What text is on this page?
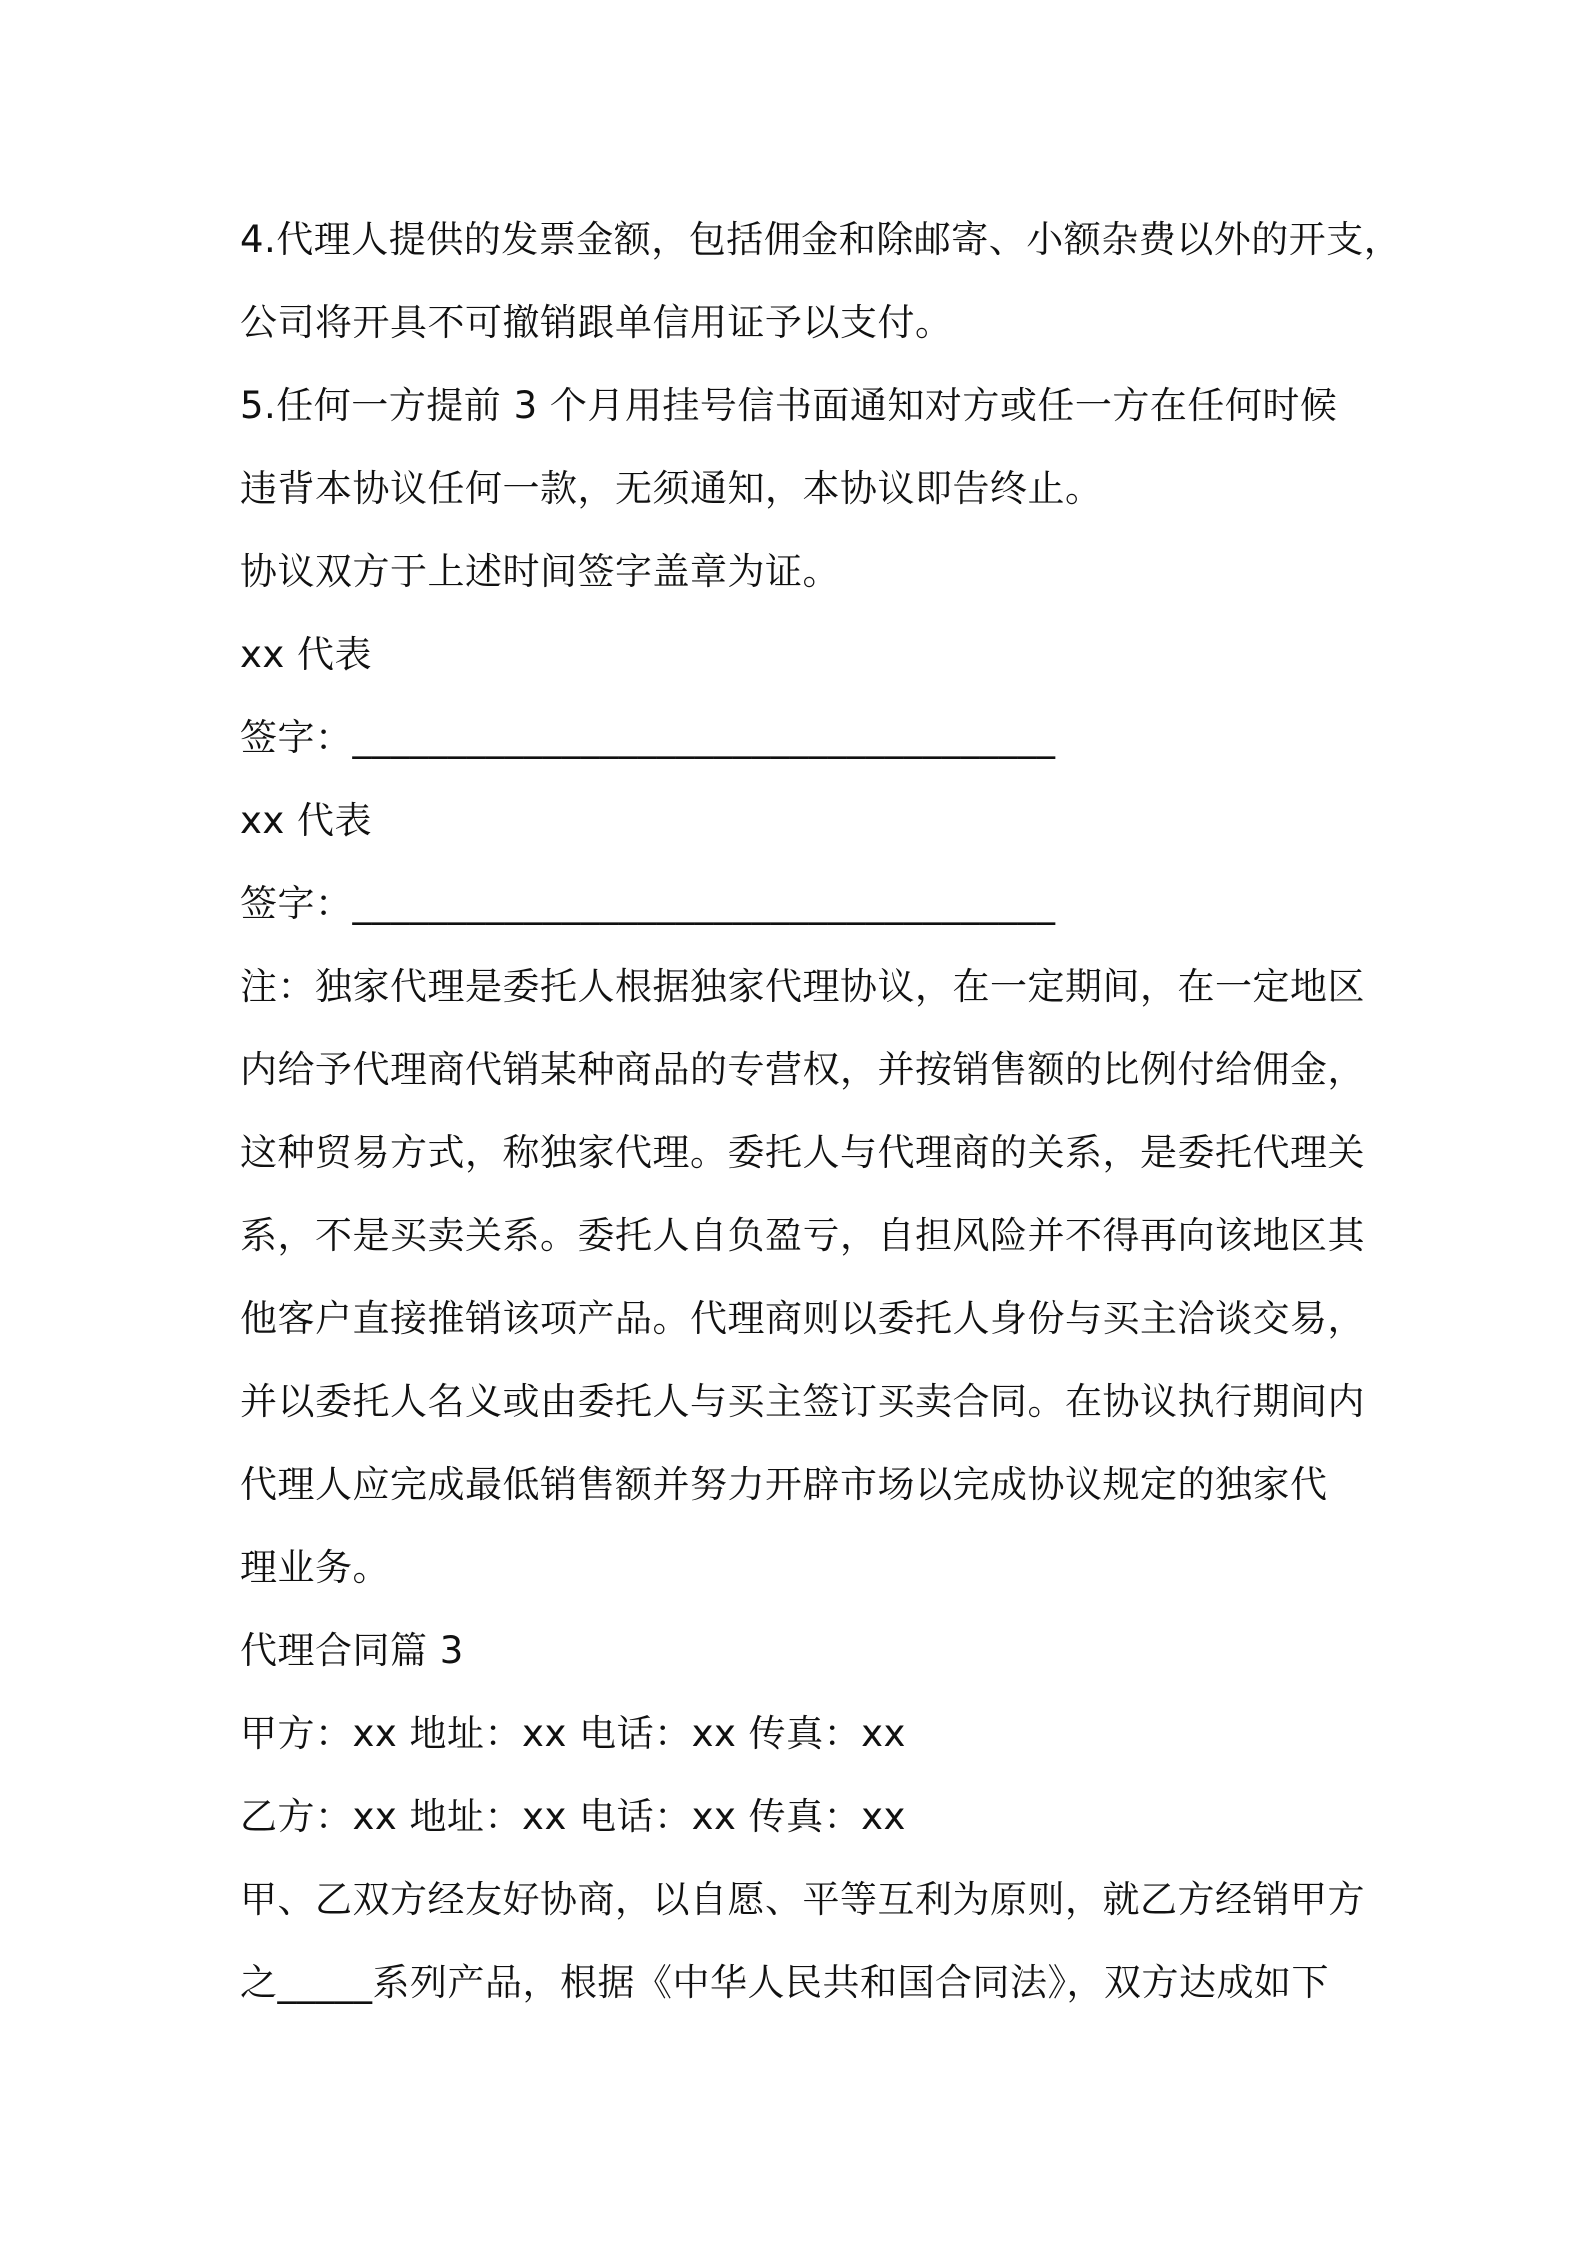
4.代理人提供的发票金额，包括佣金和除邮寄、小额杂费以外的开支，
公司将开具不可撤销跟单信用证予以支付。
5.任何一方提前 3 个月用挂号信书面通知对方或任一方在任何时候
违背本协议任何一款，无须通知，本协议即告终止。
协议双方于上述时间签字盖章为证。
xx 代表
签字：_____________________________________
xx 代表
签字：_____________________________________
注：独家代理是委托人根据独家代理协议，在一定期间，在一定地区
内给予代理商代销某种商品的专营权，并按销售额的比例付给佣金，
这种贸易方式，称独家代理。委托人与代理商的关系，是委托代理关
系，不是买卖关系。委托人自负盈亏，自担风险并不得再向该地区其
他客户直接推销该项产品。代理商则以委托人身份与买主洽谈交易，
并以委托人名义或由委托人与买主签订买卖合同。在协议执行期间内
代理人应完成最低销售额并努力开辟市场以完成协议规定的独家代
理业务。
代理合同篇 3
甲方：xx 地址：xx 电话：xx 传真：xx
乙方：xx 地址：xx 电话：xx 传真：xx
甲、乙双方经友好协商，以自愿、平等互利为原则，就乙方经销甲方
之_____系列产品，根据《中华人民共和国合同法》，双方达成如下
